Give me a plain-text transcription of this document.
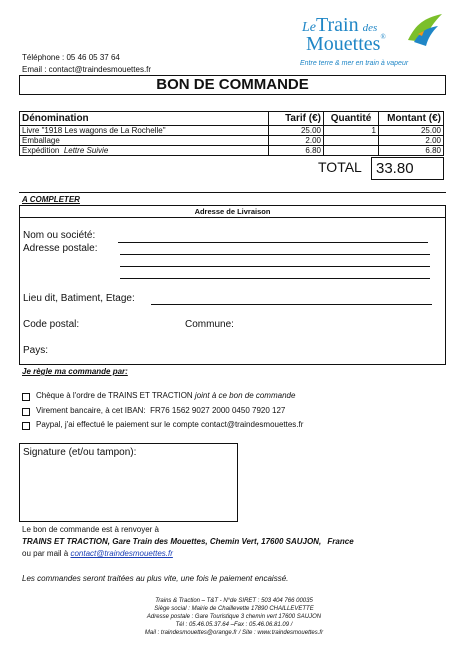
LeTrain des
Mouettes®
Entre terre & mer en train à vapeur
Téléphone : 05 46 05 37 64
Email : contact@traindesmouettes.fr
BON DE COMMANDE
Dénomination	Tarif (€)	Quantité	Montant (€)
Livre "1918 Les wagons de La Rochelle"	25.00	1	25.00
Emballage	2.00		2.00
Expédition Lettre Suivie	6.80		6.80
TOTAL 33.80
A COMPLETER
Adresse de Livraison
Nom ou société:
Adresse postale:
Lieu dit, Batiment, Etage:
Code postal:	Commune:
Pays:
Je règle ma commande par:
Chèque à l'ordre de TRAINS ET TRACTION joint à ce bon de commande
Virement bancaire, à cet IBAN:  FR76 1562 9027 2000 0450 7920 127
Paypal, j'ai effectué le paiement sur le compte contact@traindesmouettes.fr
Signature (et/ou tampon):
Le bon de commande est à renvoyer à
TRAINS ET TRACTION, Gare Train des Mouettes, Chemin Vert, 17600 SAUJON, France
ou par mail à contact@traindesmouettes.fr
Les commandes seront traitées au plus vite, une fois le paiement encaissé.
Trains & Traction – T&T - N°de SIRET : 503 404 766 00035
Siège social : Mairie de Chaillevette 17890 CHAILLEVETTE
Adresse postale : Gare Touristique 3 chemin vert 17600 SAUJON
Tél : 05.46.05.37.64 –Fax : 05.46.06.81.09 /
Mail : traindesmouettes@orange.fr / Site : www.traindesmouettes.fr
